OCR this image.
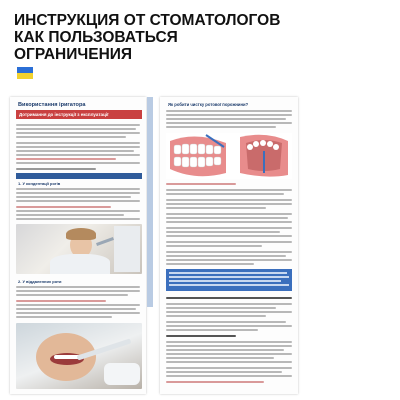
ИНСТРУКЦИЯ ОТ СТОМАТОЛОГОВ
КАК ПОЛЬЗОВАТЬСЯ
ОГРАНИЧЕНИЯ
Використання іригатора
Дотримання до інструкції з експлуатації
1. У кондентації рогів
2. У віддаленних роти
Як робити чистку ротової порожнини?
